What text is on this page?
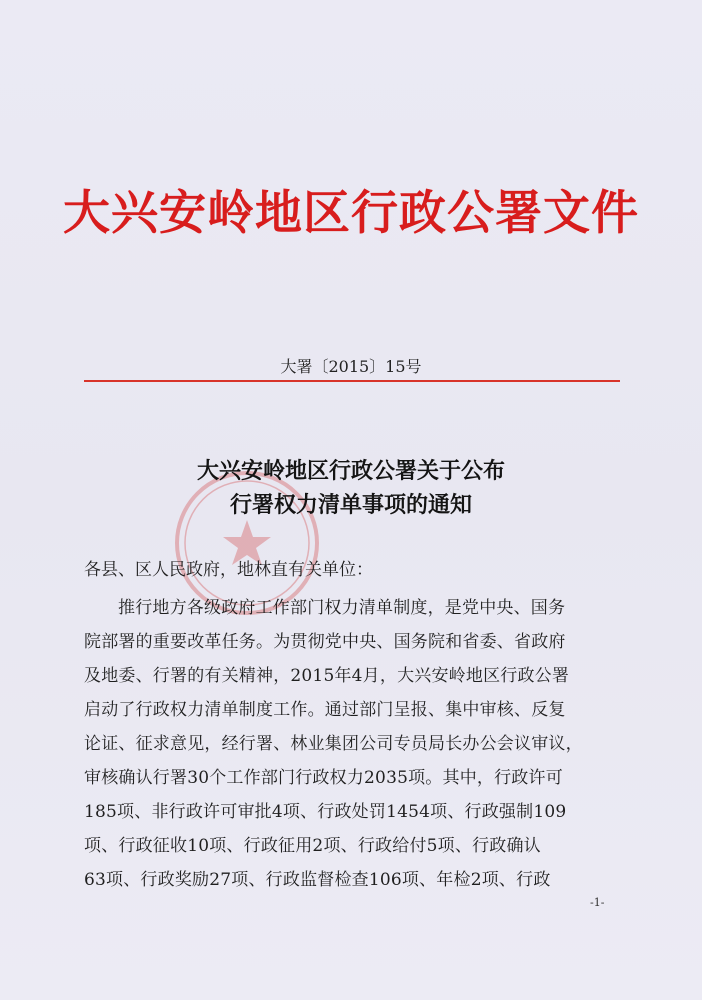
大兴安岭地区行政公署文件
大署〔2015〕15号
大兴安岭地区行政公署关于公布
行署权力清单事项的通知
各县、区人民政府，地林直有关单位：
推行地方各级政府工作部门权力清单制度，是党中央、国务
院部署的重要改革任务。为贯彻党中央、国务院和省委、省政府
及地委、行署的有关精神，2015年4月，大兴安岭地区行政公署
启动了行政权力清单制度工作。通过部门呈报、集中审核、反复
论证、征求意见，经行署、林业集团公司专员局长办公会议审议，
审核确认行署30个工作部门行政权力2035项。其中，行政许可
185项、非行政许可审批4项、行政处罚1454项、行政强制109
项、行政征收10项、行政征用2项、行政给付5项、行政确认
63项、行政奖励27项、行政监督检查106项、年检2项、行政
-1-
